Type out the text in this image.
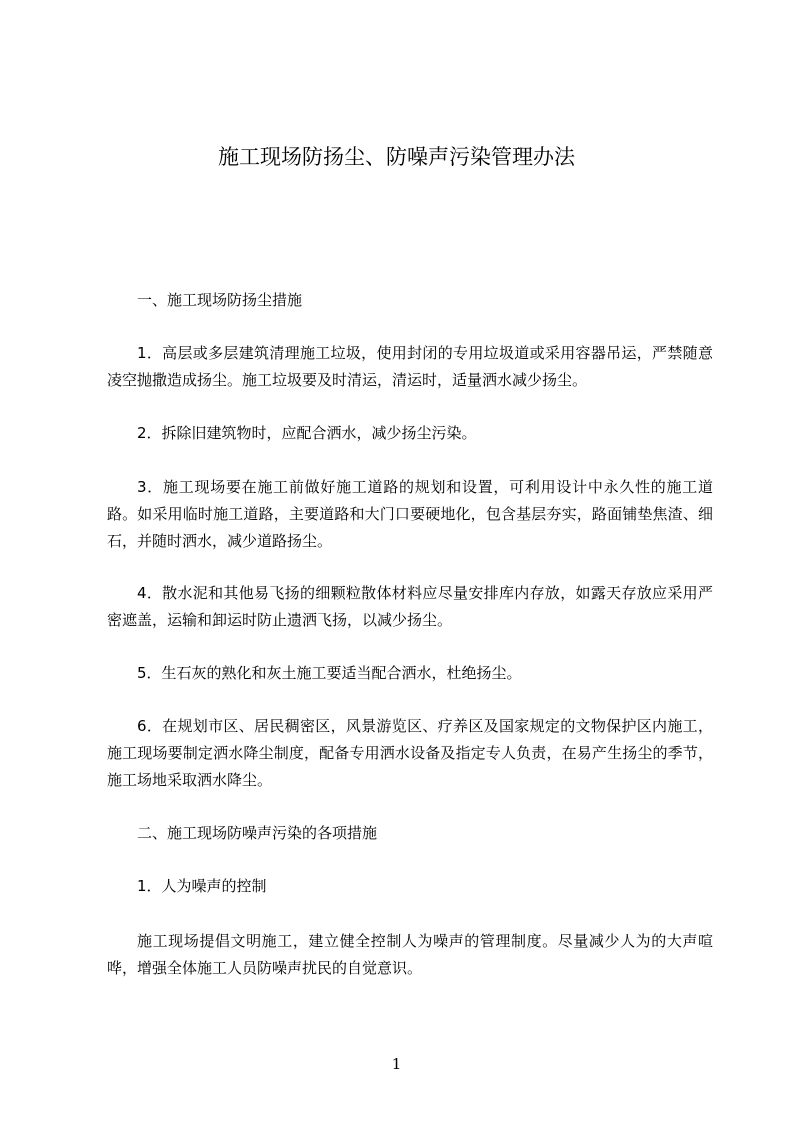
施工现场防扬尘、防噪声污染管理办法

一、施工现场防扬尘措施

1．高层或多层建筑清理施工垃圾，使用封闭的专用垃圾道或采用容器吊运，严禁随意凌空抛撒造成扬尘。施工垃圾要及时清运，清运时，适量洒水减少扬尘。

2．拆除旧建筑物时，应配合洒水，减少扬尘污染。

3．施工现场要在施工前做好施工道路的规划和设置，可利用设计中永久性的施工道路。如采用临时施工道路，主要道路和大门口要硬地化，包含基层夯实，路面铺垫焦渣、细石，并随时洒水，减少道路扬尘。

4．散水泥和其他易飞扬的细颗粒散体材料应尽量安排库内存放，如露天存放应采用严密遮盖，运输和卸运时防止遗洒飞扬，以减少扬尘。

5．生石灰的熟化和灰土施工要适当配合洒水，杜绝扬尘。

6．在规划市区、居民稠密区，风景游览区、疗养区及国家规定的文物保护区内施工，施工现场要制定洒水降尘制度，配备专用洒水设备及指定专人负责，在易产生扬尘的季节，施工场地采取洒水降尘。

二、施工现场防噪声污染的各项措施

1．人为噪声的控制

施工现场提倡文明施工，建立健全控制人为噪声的管理制度。尽量减少人为的大声喧哗，增强全体施工人员防噪声扰民的自觉意识。

1
